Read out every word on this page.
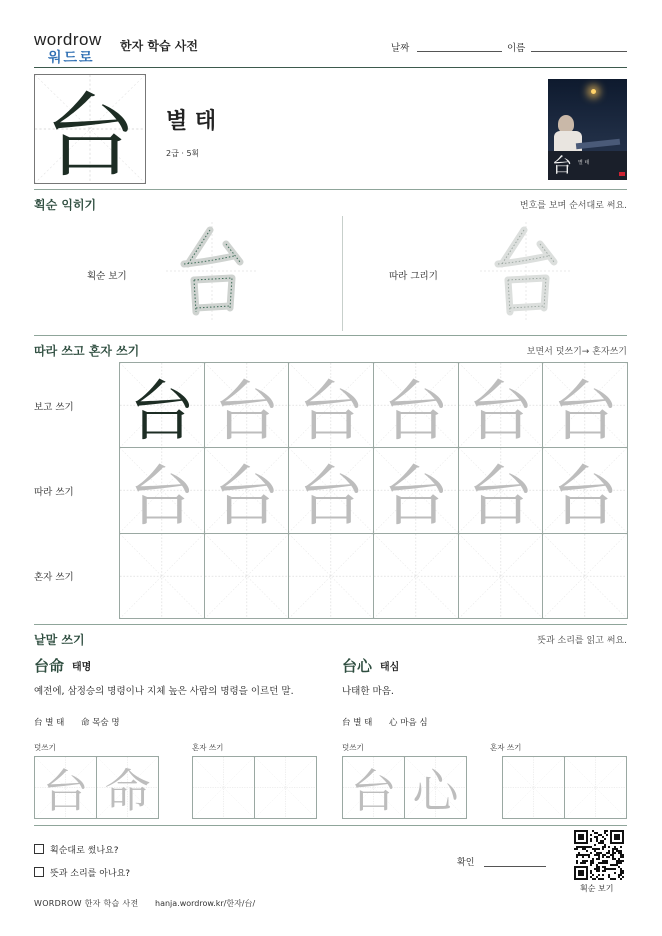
wordrow
워드로
한자 학습 사전	날짜	이름
台	별 태
2급 · 5획	台 별 태
획순 익히기	번호를 보며 순서대로 써요.
획순 보기	따라 그리기
따라 쓰고 혼자 쓰기	보면서 덧쓰기→ 혼자쓰기
보고 쓰기
따라 쓰기
혼자 쓰기
台 台 台 台 台 台
台 台 台 台 台 台
낱말 쓰기	뜻과 소리를 읽고 써요.
台命 태명
예전에, 삼정승의 명령이나 지체 높은 사람의 명령을 이르던 말.
台 별 태 命 목숨 명
덧쓰기	혼자 쓰기
台心 태심
나태한 마음.
台 별 태 心 마음 심
덧쓰기	혼자 쓰기
台 命	台 心
획순대로 썼나요?
뜻과 소리를 아나요?
확인
획순 보기
WORDROW 한자 학습 사전 hanja.wordrow.kr/한자/台/
